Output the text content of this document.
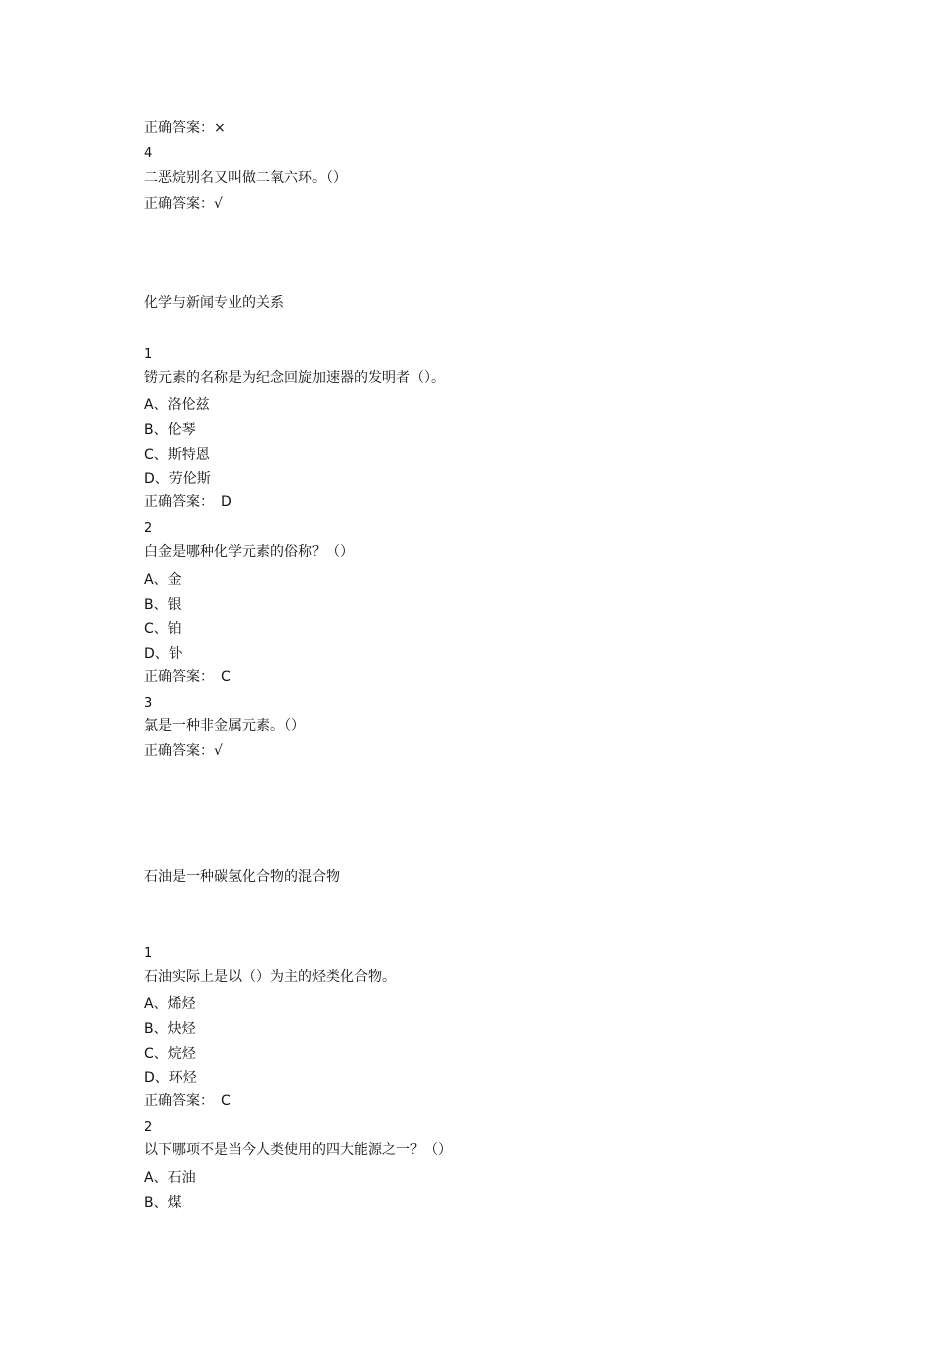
正确答案：×
4
二恶烷别名又叫做二氧六环。（）
正确答案：√
化学与新闻专业的关系
1
铹元素的名称是为纪念回旋加速器的发明者（）。
A、洛伦兹
B、伦琴
C、斯特恩
D、劳伦斯
正确答案：　D
2
白金是哪种化学元素的俗称？（）
A、金
B、银
C、铂
D、钋
正确答案：　C
3
氯是一种非金属元素。（）
正确答案：√
石油是一种碳氢化合物的混合物
1
石油实际上是以（）为主的烃类化合物。
A、烯烃
B、炔烃
C、烷烃
D、环烃
正确答案：　C
2
以下哪项不是当今人类使用的四大能源之一？（）
A、石油
B、煤
